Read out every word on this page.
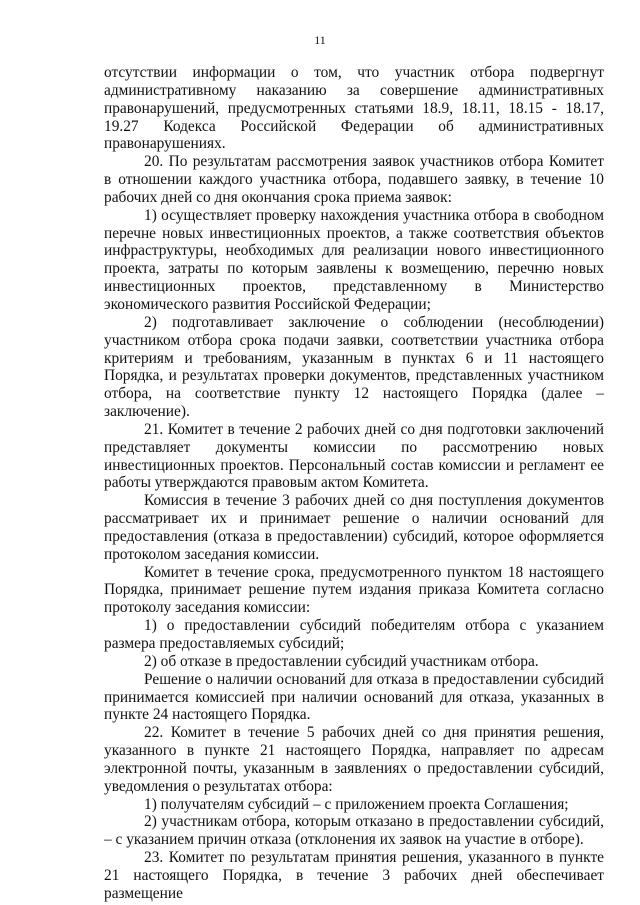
11

отсутствии информации о том, что участник отбора подвергнут административному наказанию за совершение административных правонарушений, предусмотренных статьями 18.9, 18.11, 18.15 - 18.17, 19.27 Кодекса Российской Федерации об административных правонарушениях.

20. По результатам рассмотрения заявок участников отбора Комитет в отношении каждого участника отбора, подавшего заявку, в течение 10 рабочих дней со дня окончания срока приема заявок:

1) осуществляет проверку нахождения участника отбора в свободном перечне новых инвестиционных проектов, а также соответствия объектов инфраструктуры, необходимых для реализации нового инвестиционного проекта, затраты по которым заявлены к возмещению, перечню новых инвестиционных проектов, представленному в Министерство экономического развития Российской Федерации;

2) подготавливает заключение о соблюдении (несоблюдении) участником отбора срока подачи заявки, соответствии участника отбора критериям и требованиям, указанным в пунктах 6 и 11 настоящего Порядка, и результатах проверки документов, представленных участником отбора, на соответствие пункту 12 настоящего Порядка (далее – заключение).

21. Комитет в течение 2 рабочих дней со дня подготовки заключений представляет документы комиссии по рассмотрению новых инвестиционных проектов. Персональный состав комиссии и регламент ее работы утверждаются правовым актом Комитета.

Комиссия в течение 3 рабочих дней со дня поступления документов рассматривает их и принимает решение о наличии оснований для предоставления (отказа в предоставлении) субсидий, которое оформляется протоколом заседания комиссии.

Комитет в течение срока, предусмотренного пунктом 18 настоящего Порядка, принимает решение путем издания приказа Комитета согласно протоколу заседания комиссии:

1) о предоставлении субсидий победителям отбора с указанием размера предоставляемых субсидий;

2) об отказе в предоставлении субсидий участникам отбора.

Решение о наличии оснований для отказа в предоставлении субсидий принимается комиссией при наличии оснований для отказа, указанных в пункте 24 настоящего Порядка.

22. Комитет в течение 5 рабочих дней со дня принятия решения, указанного в пункте 21 настоящего Порядка, направляет по адресам электронной почты, указанным в заявлениях о предоставлении субсидий, уведомления о результатах отбора:

1) получателям субсидий – с приложением проекта Соглашения;

2) участникам отбора, которым отказано в предоставлении субсидий, – с указанием причин отказа (отклонения их заявок на участие в отборе).

23. Комитет по результатам принятия решения, указанного в пункте 21 настоящего Порядка, в течение 3 рабочих дней обеспечивает размещение
